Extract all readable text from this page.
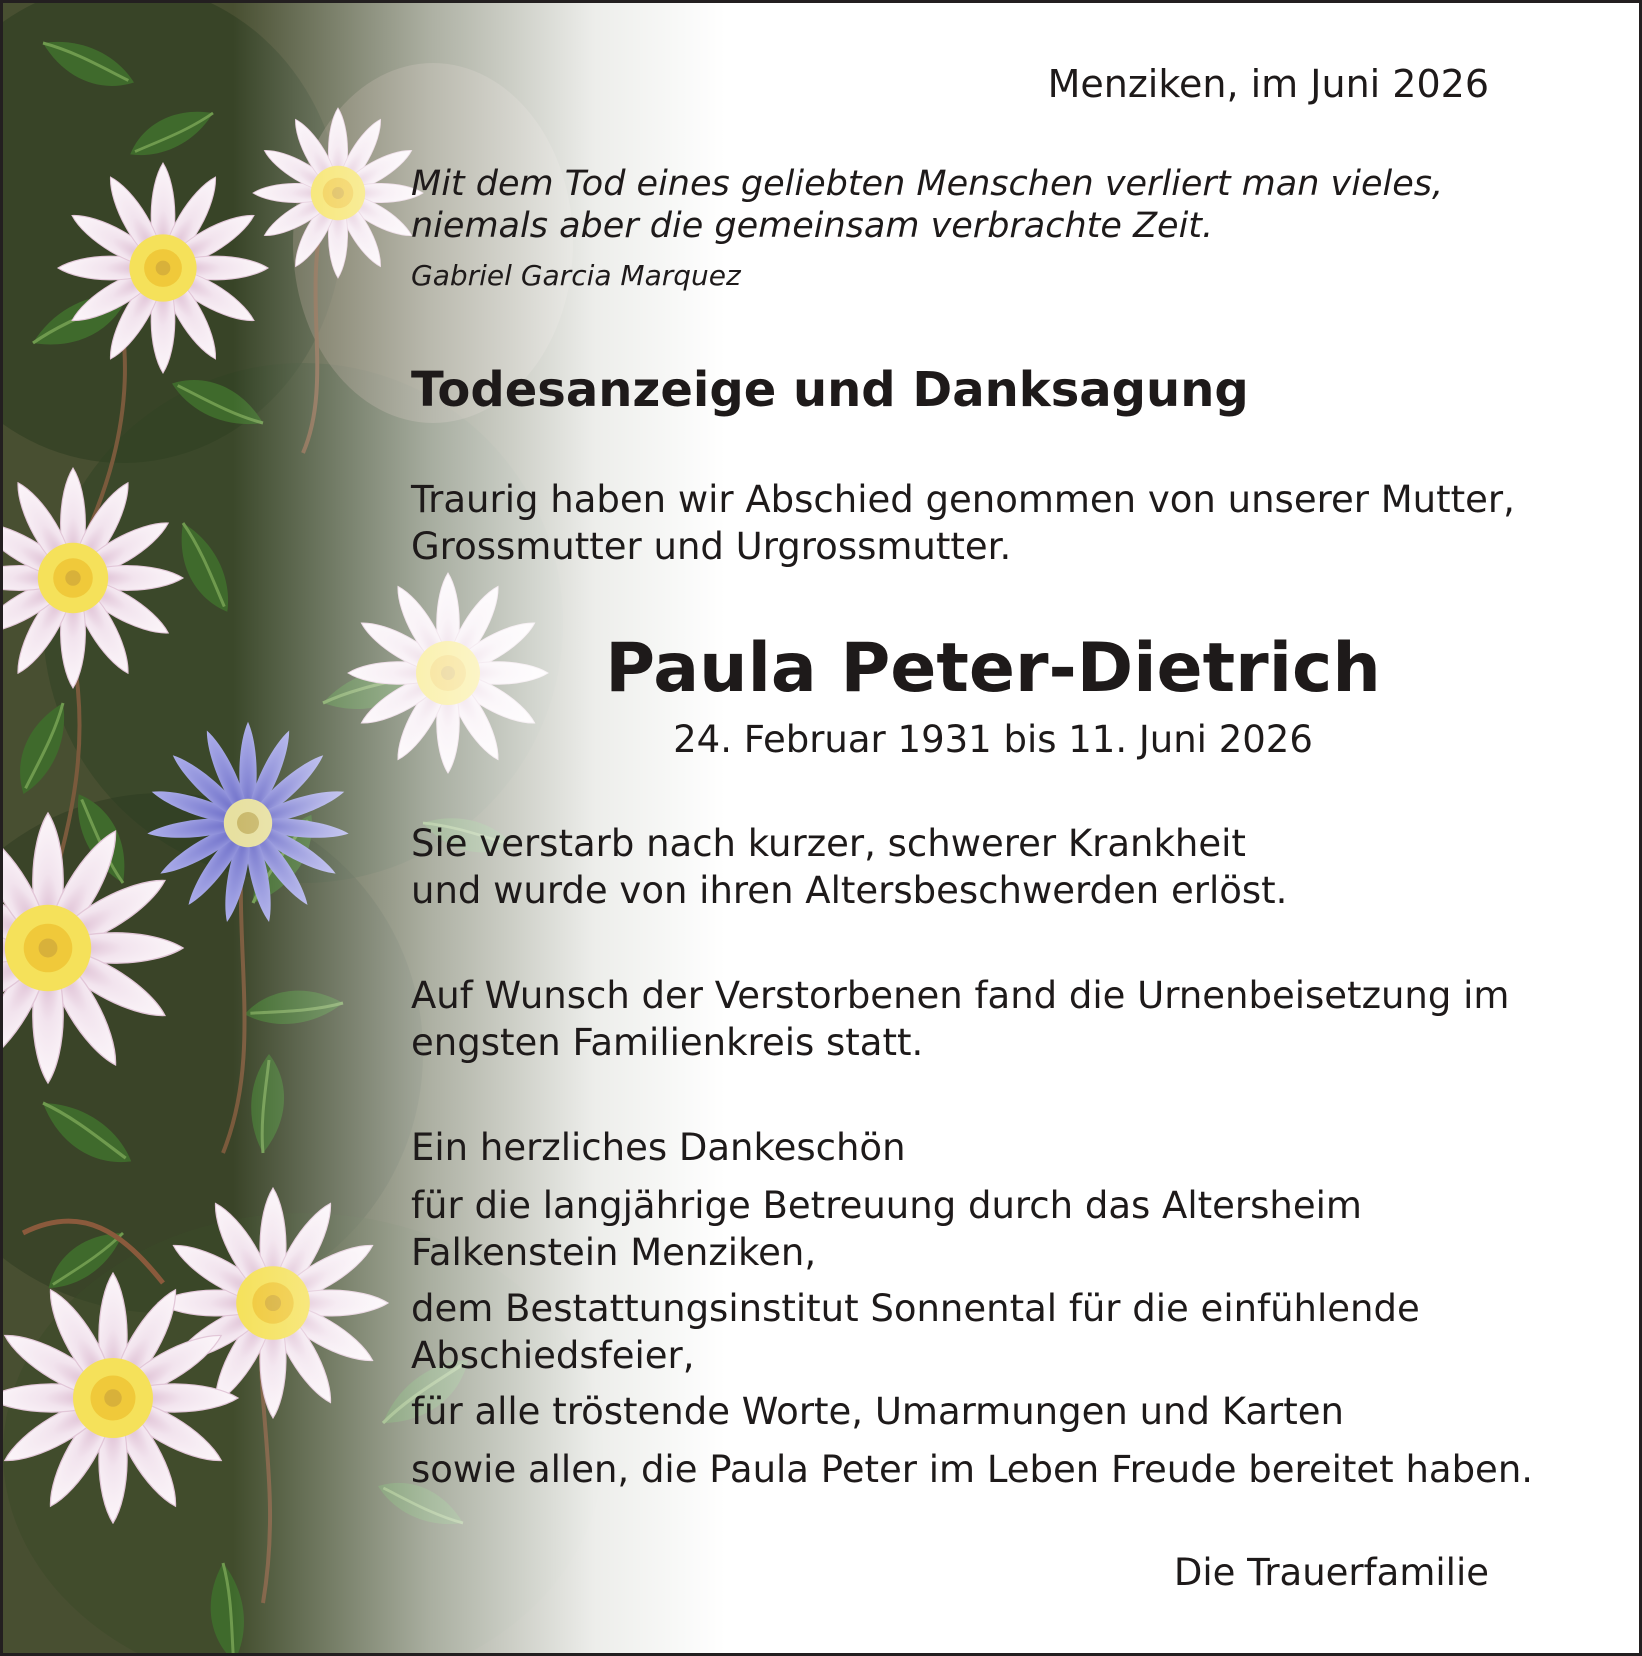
Menziken, im Juni 2026

Mit dem Tod eines geliebten Menschen verliert man vieles,
niemals aber die gemeinsam verbrachte Zeit.

Gabriel Garcia Marquez

Todesanzeige und Danksagung

Traurig haben wir Abschied genommen von unserer Mutter,
Grossmutter und Urgrossmutter.

Paula Peter-Dietrich

24. Februar 1931 bis 11. Juni 2026

Sie verstarb nach kurzer, schwerer Krankheit
und wurde von ihren Altersbeschwerden erlöst.

Auf Wunsch der Verstorbenen fand die Urnenbeisetzung im
engsten Familienkreis statt.

Ein herzliches Dankeschön

für die langjährige Betreuung durch das Altersheim
Falkenstein Menziken,

dem Bestattungsinstitut Sonnental für die einfühlende
Abschiedsfeier,

für alle tröstende Worte, Umarmungen und Karten

sowie allen, die Paula Peter im Leben Freude bereitet haben.

Die Trauerfamilie
